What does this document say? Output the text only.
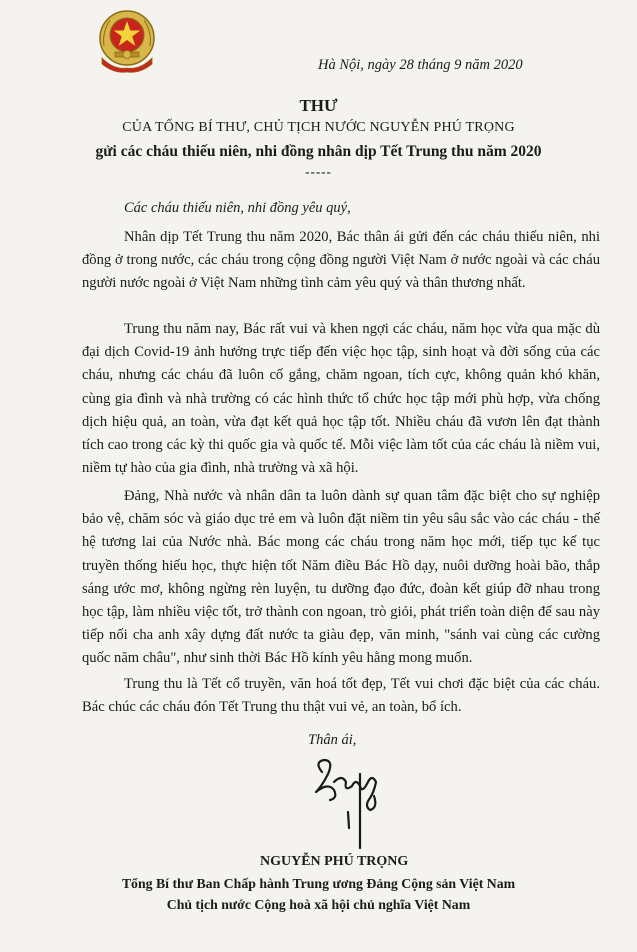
Hà Nội, ngày 28 tháng 9 năm 2020
THƯ
CỦA TỔNG BÍ THƯ, CHỦ TỊCH NƯỚC NGUYỄN PHÚ TRỌNG
gửi các cháu thiếu niên, nhi đồng nhân dịp Tết Trung thu năm 2020
-----
Các cháu thiếu niên, nhi đồng yêu quý,

Nhân dịp Tết Trung thu năm 2020, Bác thân ái gửi đến các cháu thiếu niên, nhi đồng ở trong nước, các cháu trong cộng đồng người Việt Nam ở nước ngoài và các cháu người nước ngoài ở Việt Nam những tình cảm yêu quý và thân thương nhất.

Trung thu năm nay, Bác rất vui và khen ngợi các cháu, năm học vừa qua mặc dù đại dịch Covid-19 ảnh hưởng trực tiếp đến việc học tập, sinh hoạt và đời sống của các cháu, nhưng các cháu đã luôn cố gắng, chăm ngoan, tích cực, không quản khó khăn, cùng gia đình và nhà trường có các hình thức tổ chức học tập mới phù hợp, vừa chống dịch hiệu quả, an toàn, vừa đạt kết quả học tập tốt. Nhiều cháu đã vươn lên đạt thành tích cao trong các kỳ thi quốc gia và quốc tế. Mỗi việc làm tốt của các cháu là niềm vui, niềm tự hào của gia đình, nhà trường và xã hội.

Đảng, Nhà nước và nhân dân ta luôn dành sự quan tâm đặc biệt cho sự nghiệp bảo vệ, chăm sóc và giáo dục trẻ em và luôn đặt niềm tin yêu sâu sắc vào các cháu - thế hệ tương lai của Nước nhà. Bác mong các cháu trong năm học mới, tiếp tục kế tục truyền thống hiếu học, thực hiện tốt Năm điều Bác Hồ dạy, nuôi dưỡng hoài bão, thắp sáng ước mơ, không ngừng rèn luyện, tu dưỡng đạo đức, đoàn kết giúp đỡ nhau trong học tập, làm nhiều việc tốt, trở thành con ngoan, trò giỏi, phát triển toàn diện để sau này tiếp nối cha anh xây dựng đất nước ta giàu đẹp, văn minh, "sánh vai cùng các cường quốc năm châu", như sinh thời Bác Hồ kính yêu hằng mong muốn.

Trung thu là Tết cổ truyền, văn hoá tốt đẹp, Tết vui chơi đặc biệt của các cháu. Bác chúc các cháu đón Tết Trung thu thật vui vẻ, an toàn, bổ ích.

Thân ái,
NGUYỄN PHÚ TRỌNG
Tổng Bí thư Ban Chấp hành Trung ương Đảng Cộng sản Việt Nam
Chủ tịch nước Cộng hoà xã hội chủ nghĩa Việt Nam
